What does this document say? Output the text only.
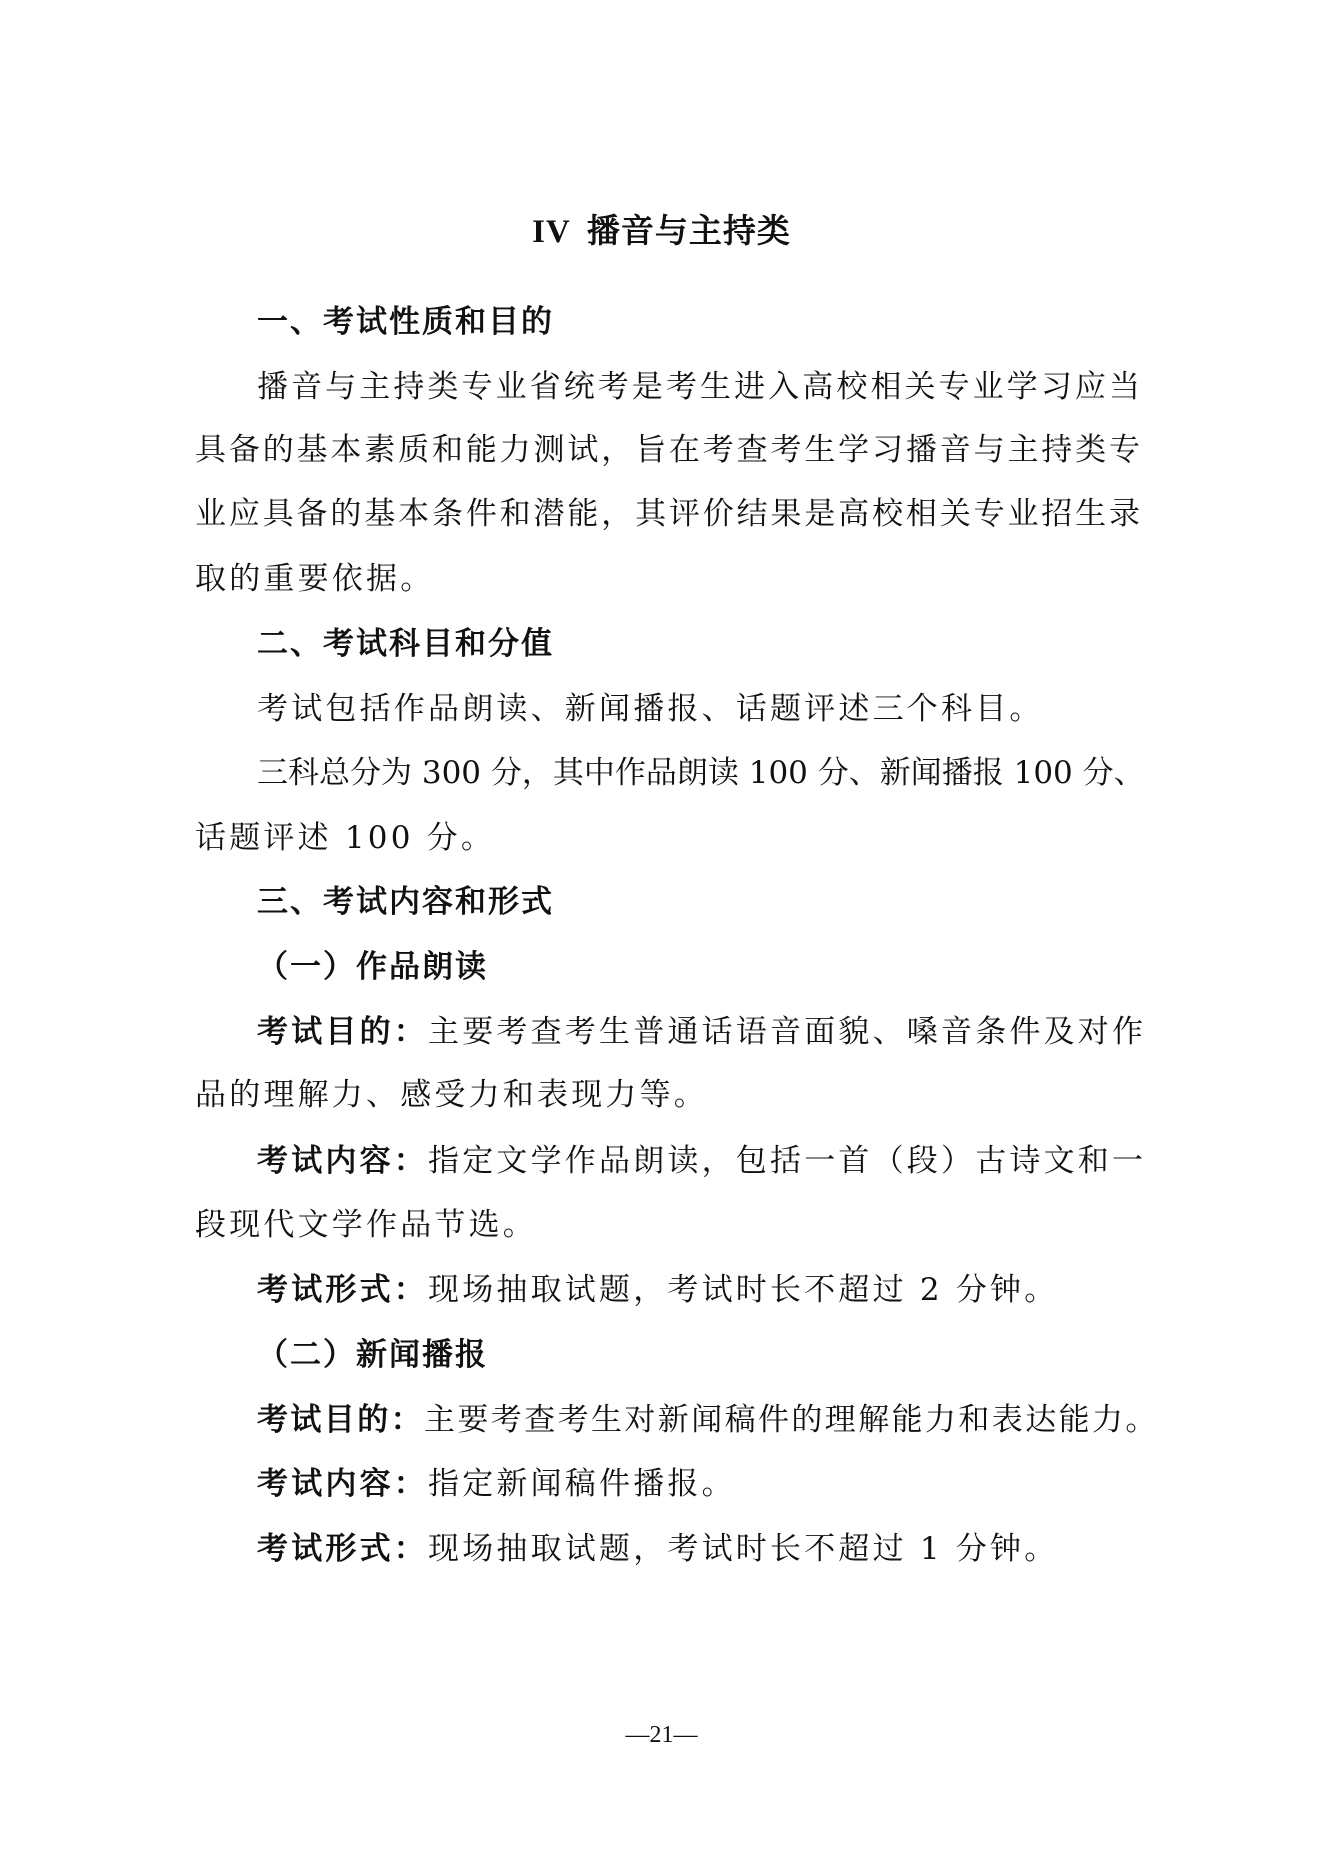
IV 播音与主持类
一、考试性质和目的
播音与主持类专业省统考是考生进入高校相关专业学习应当
具备的基本素质和能力测试，旨在考查考生学习播音与主持类专
业应具备的基本条件和潜能，其评价结果是高校相关专业招生录
取的重要依据。
二、考试科目和分值
考试包括作品朗读、新闻播报、话题评述三个科目。
三科总分为 300 分，其中作品朗读 100 分、新闻播报 100 分、
话题评述 100 分。
三、考试内容和形式
（一）作品朗读
考试目的：主要考查考生普通话语音面貌、嗓音条件及对作
品的理解力、感受力和表现力等。
考试内容：指定文学作品朗读，包括一首（段）古诗文和一
段现代文学作品节选。
考试形式：现场抽取试题，考试时长不超过 2 分钟。
（二）新闻播报
考试目的：主要考查考生对新闻稿件的理解能力和表达能力。
考试内容：指定新闻稿件播报。
考试形式：现场抽取试题，考试时长不超过 1 分钟。
—21—
